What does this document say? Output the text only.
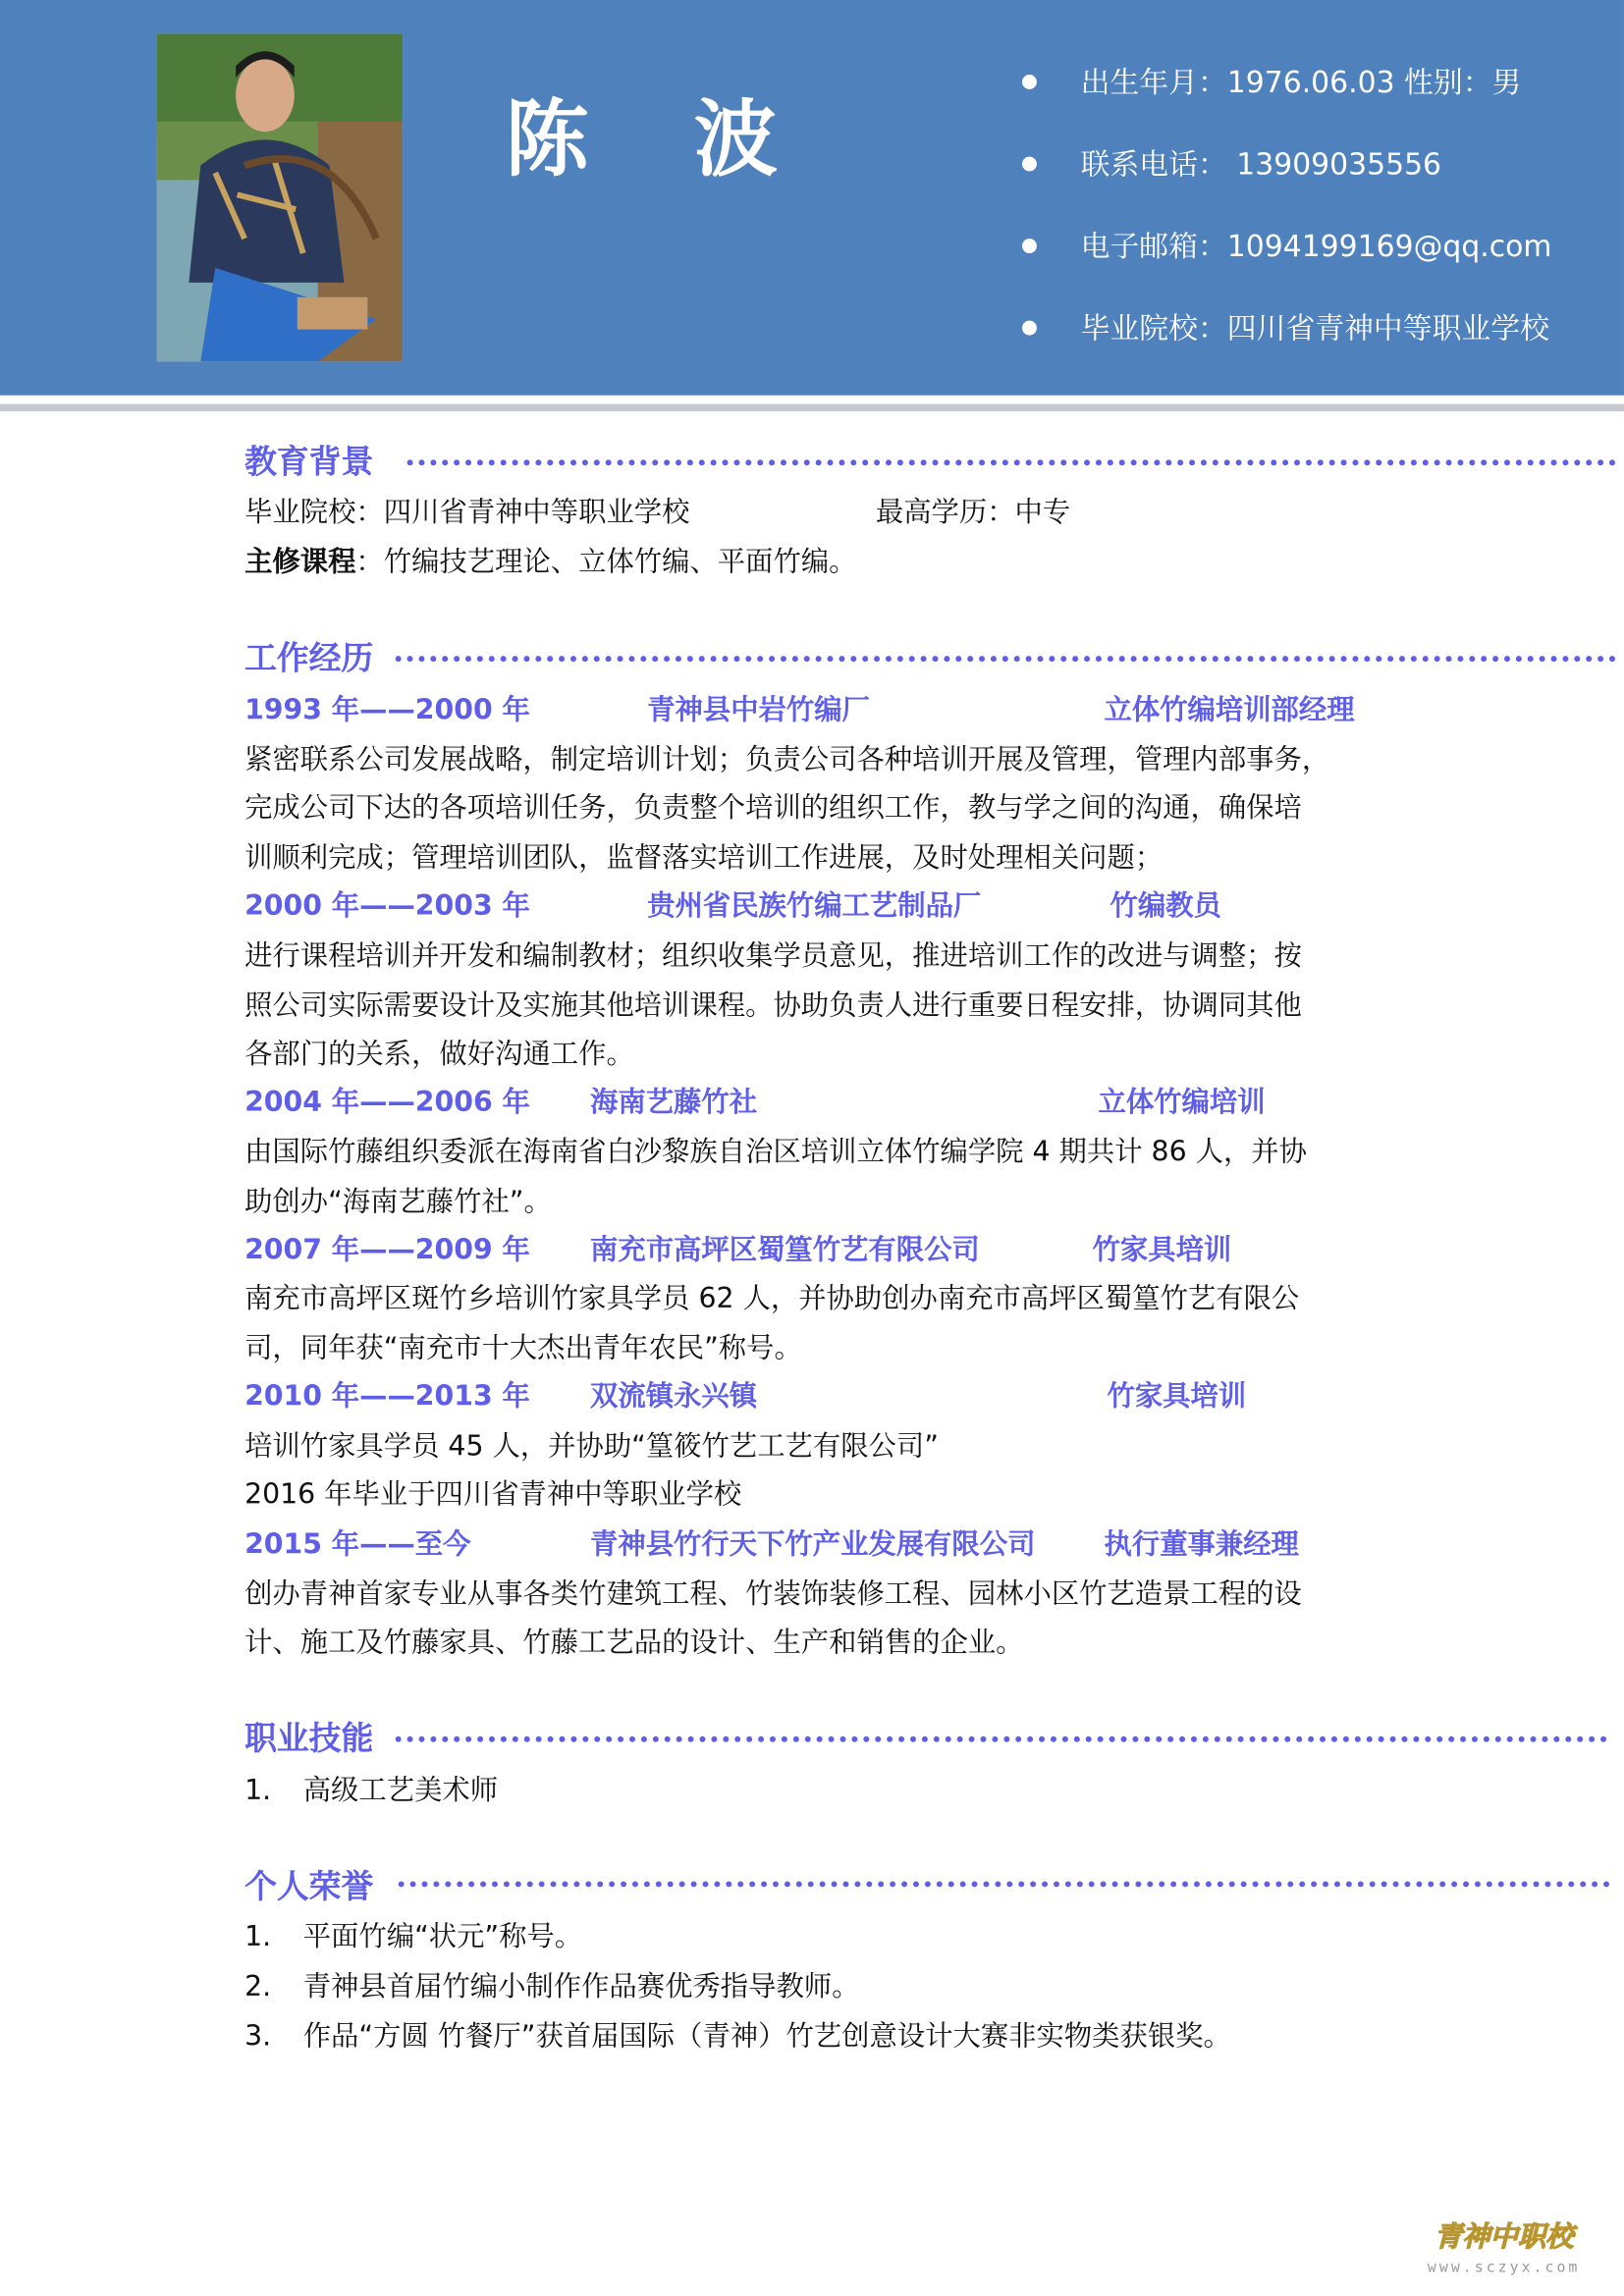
陈 波
出生年月：1976.06.03 性别：男
联系电话： 13909035556
电子邮箱：1094199169@qq.com
毕业院校：四川省青神中等职业学校
教育背景
毕业院校：四川省青神中等职业学校	最高学历：中专
主修课程：竹编技艺理论、立体竹编、平面竹编。
工作经历
1993 年——2000 年	青神县中岩竹编厂	立体竹编培训部经理
紧密联系公司发展战略，制定培训计划；负责公司各种培训开展及管理，管理内部事务，
完成公司下达的各项培训任务，负责整个培训的组织工作，教与学之间的沟通，确保培
训顺利完成；管理培训团队，监督落实培训工作进展，及时处理相关问题；
2000 年——2003 年	贵州省民族竹编工艺制品厂	竹编教员
进行课程培训并开发和编制教材；组织收集学员意见，推进培训工作的改进与调整；按
照公司实际需要设计及实施其他培训课程。协助负责人进行重要日程安排，协调同其他
各部门的关系，做好沟通工作。
2004 年——2006 年	海南艺藤竹社	立体竹编培训
由国际竹藤组织委派在海南省白沙黎族自治区培训立体竹编学院 4 期共计 86 人，并协
助创办“海南艺藤竹社”。
2007 年——2009 年	南充市高坪区蜀篁竹艺有限公司	竹家具培训
南充市高坪区斑竹乡培训竹家具学员 62 人，并协助创办南充市高坪区蜀篁竹艺有限公
司，同年获“南充市十大杰出青年农民”称号。
2010 年——2013 年	双流镇永兴镇	竹家具培训
培训竹家具学员 45 人，并协助“篁筱竹艺工艺有限公司”
2016 年毕业于四川省青神中等职业学校
2015 年——至今	青神县竹行天下竹产业发展有限公司	执行董事兼经理
创办青神首家专业从事各类竹建筑工程、竹装饰装修工程、园林小区竹艺造景工程的设
计、施工及竹藤家具、竹藤工艺品的设计、生产和销售的企业。
职业技能
1. 高级工艺美术师
个人荣誉
1. 平面竹编“状元”称号。
2. 青神县首届竹编小制作作品赛优秀指导教师。
3. 作品“方圆 竹餐厅”获首届国际（青神）竹艺创意设计大赛非实物类获银奖。
青神中职校
www.sczyx.com
